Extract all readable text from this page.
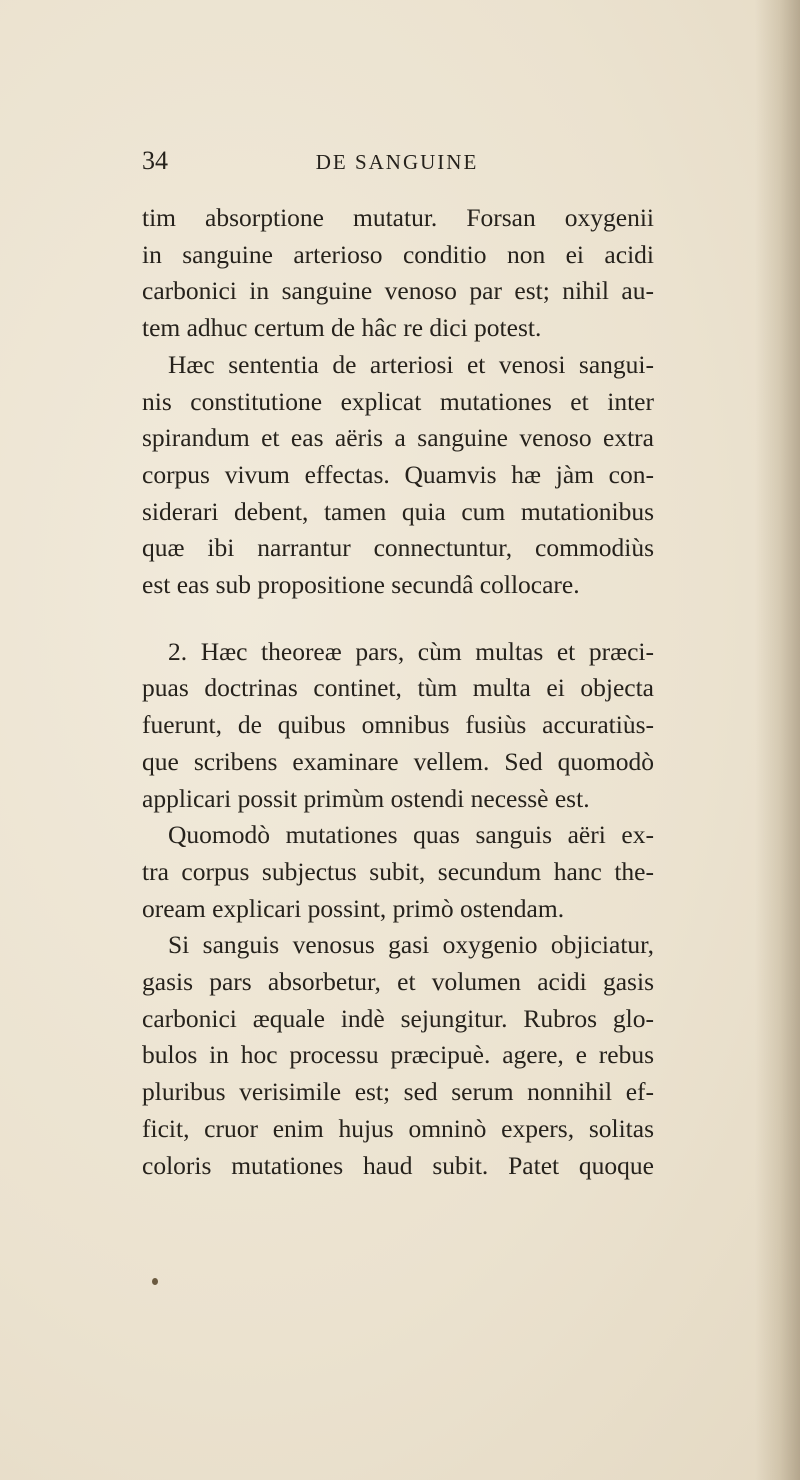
34	DE SANGUINE
tim absorptione mutatur. Forsan oxygenii
in sanguine arterioso conditio non ei acidi
carbonici in sanguine venoso par est; nihil au-
tem adhuc certum de hâc re dici potest.
Hæc sententia de arteriosi et venosi sangui-
nis constitutione explicat mutationes et inter
spirandum et eas aëris a sanguine venoso extra
corpus vivum effectas. Quamvis hæ jàm con-
siderari debent, tamen quia cum mutationibus
quæ ibi narrantur connectuntur, commodiùs
est eas sub propositione secundâ collocare.
2. Hæc theoreæ pars, cùm multas et præci-
puas doctrinas continet, tùm multa ei objecta
fuerunt, de quibus omnibus fusiùs accuratiùs-
que scribens examinare vellem. Sed quomodò
applicari possit primùm ostendi necessè est.
Quomodò mutationes quas sanguis aëri ex-
tra corpus subjectus subit, secundum hanc the-
oream explicari possint, primò ostendam.
Si sanguis venosus gasi oxygenio objiciatur,
gasis pars absorbetur, et volumen acidi gasis
carbonici æquale indè sejungitur. Rubros glo-
bulos in hoc processu præcipuè. agere, e rebus
pluribus verisimile est; sed serum nonnihil ef-
ficit, cruor enim hujus omninò expers, solitas
coloris mutationes haud subit. Patet quoque
